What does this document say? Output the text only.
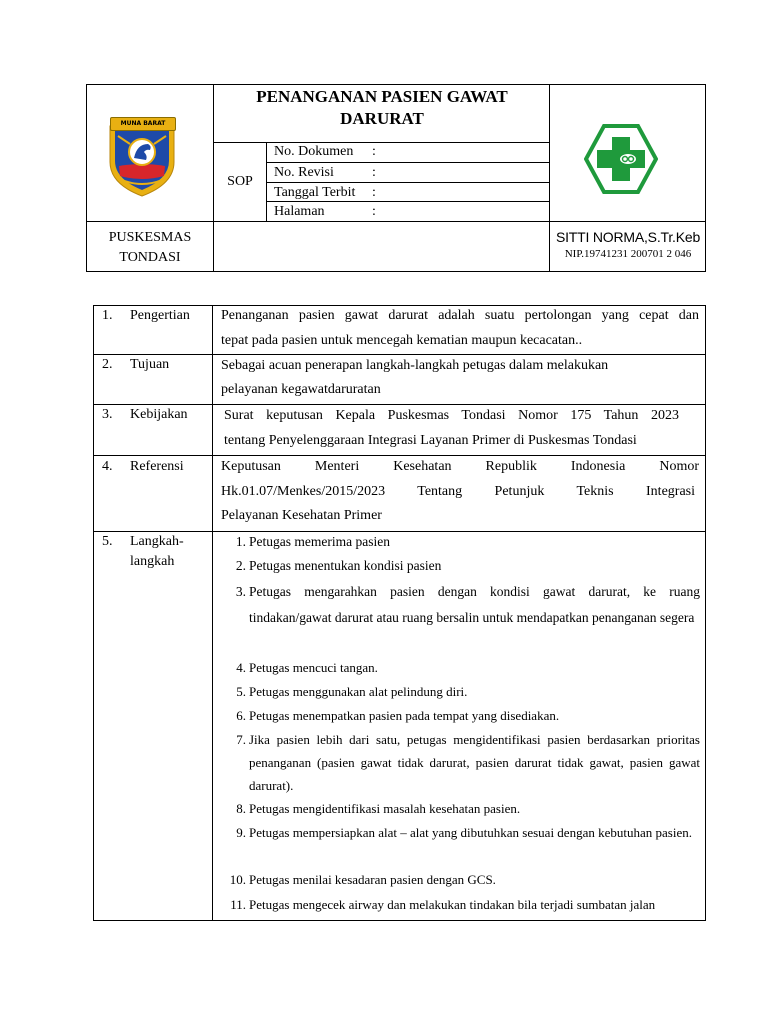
MUNA BARAT
PENANGANAN PASIEN GAWAT
DARURAT
SOP
No. Dokumen :
No. Revisi	:
Tanggal Terbit :
Halaman	:
PUSKESMAS
TONDASI
SITTI NORMA,S.Tr.Keb
NIP.19741231 200701 2 046
1. Pengertian	Penanganan pasien gawat darurat adalah suatu pertolongan yang cepat dan
tepat pada pasien untuk mencegah kematian maupun kecacatan..
2. Tujuan	Sebagai acuan penerapan langkah-langkah petugas dalam melakukan
pelayanan kegawatdaruratan
3. Kebijakan	Surat keputusan Kepala Puskesmas Tondasi Nomor 175 Tahun 2023
tentang Penyelenggaraan Integrasi Layanan Primer di Puskesmas Tondasi
4. Referensi	Keputusan Menteri Kesehatan Republik Indonesia Nomor
Hk.01.07/Menkes/2015/2023 Tentang Petunjuk Teknis Integrasi
Pelayanan Kesehatan Primer
5. Langkah-
langkah
1. Petugas memerima pasien
2. Petugas menentukan kondisi pasien
3. Petugas mengarahkan pasien dengan kondisi gawat darurat, ke ruang tindakan/gawat darurat atau ruang bersalin untuk mendapatkan penanganan segera
4. Petugas mencuci tangan.
5. Petugas menggunakan alat pelindung diri.
6. Petugas menempatkan pasien pada tempat yang disediakan.
7. Jika pasien lebih dari satu, petugas mengidentifikasi pasien berdasarkan prioritas penanganan (pasien gawat tidak darurat, pasien darurat tidak gawat, pasien gawat darurat).
8. Petugas mengidentifikasi masalah kesehatan pasien.
9. Petugas mempersiapkan alat – alat yang dibutuhkan sesuai dengan kebutuhan pasien.
10. Petugas menilai kesadaran pasien dengan GCS.
11. Petugas mengecek airway dan melakukan tindakan bila terjadi sumbatan jalan
